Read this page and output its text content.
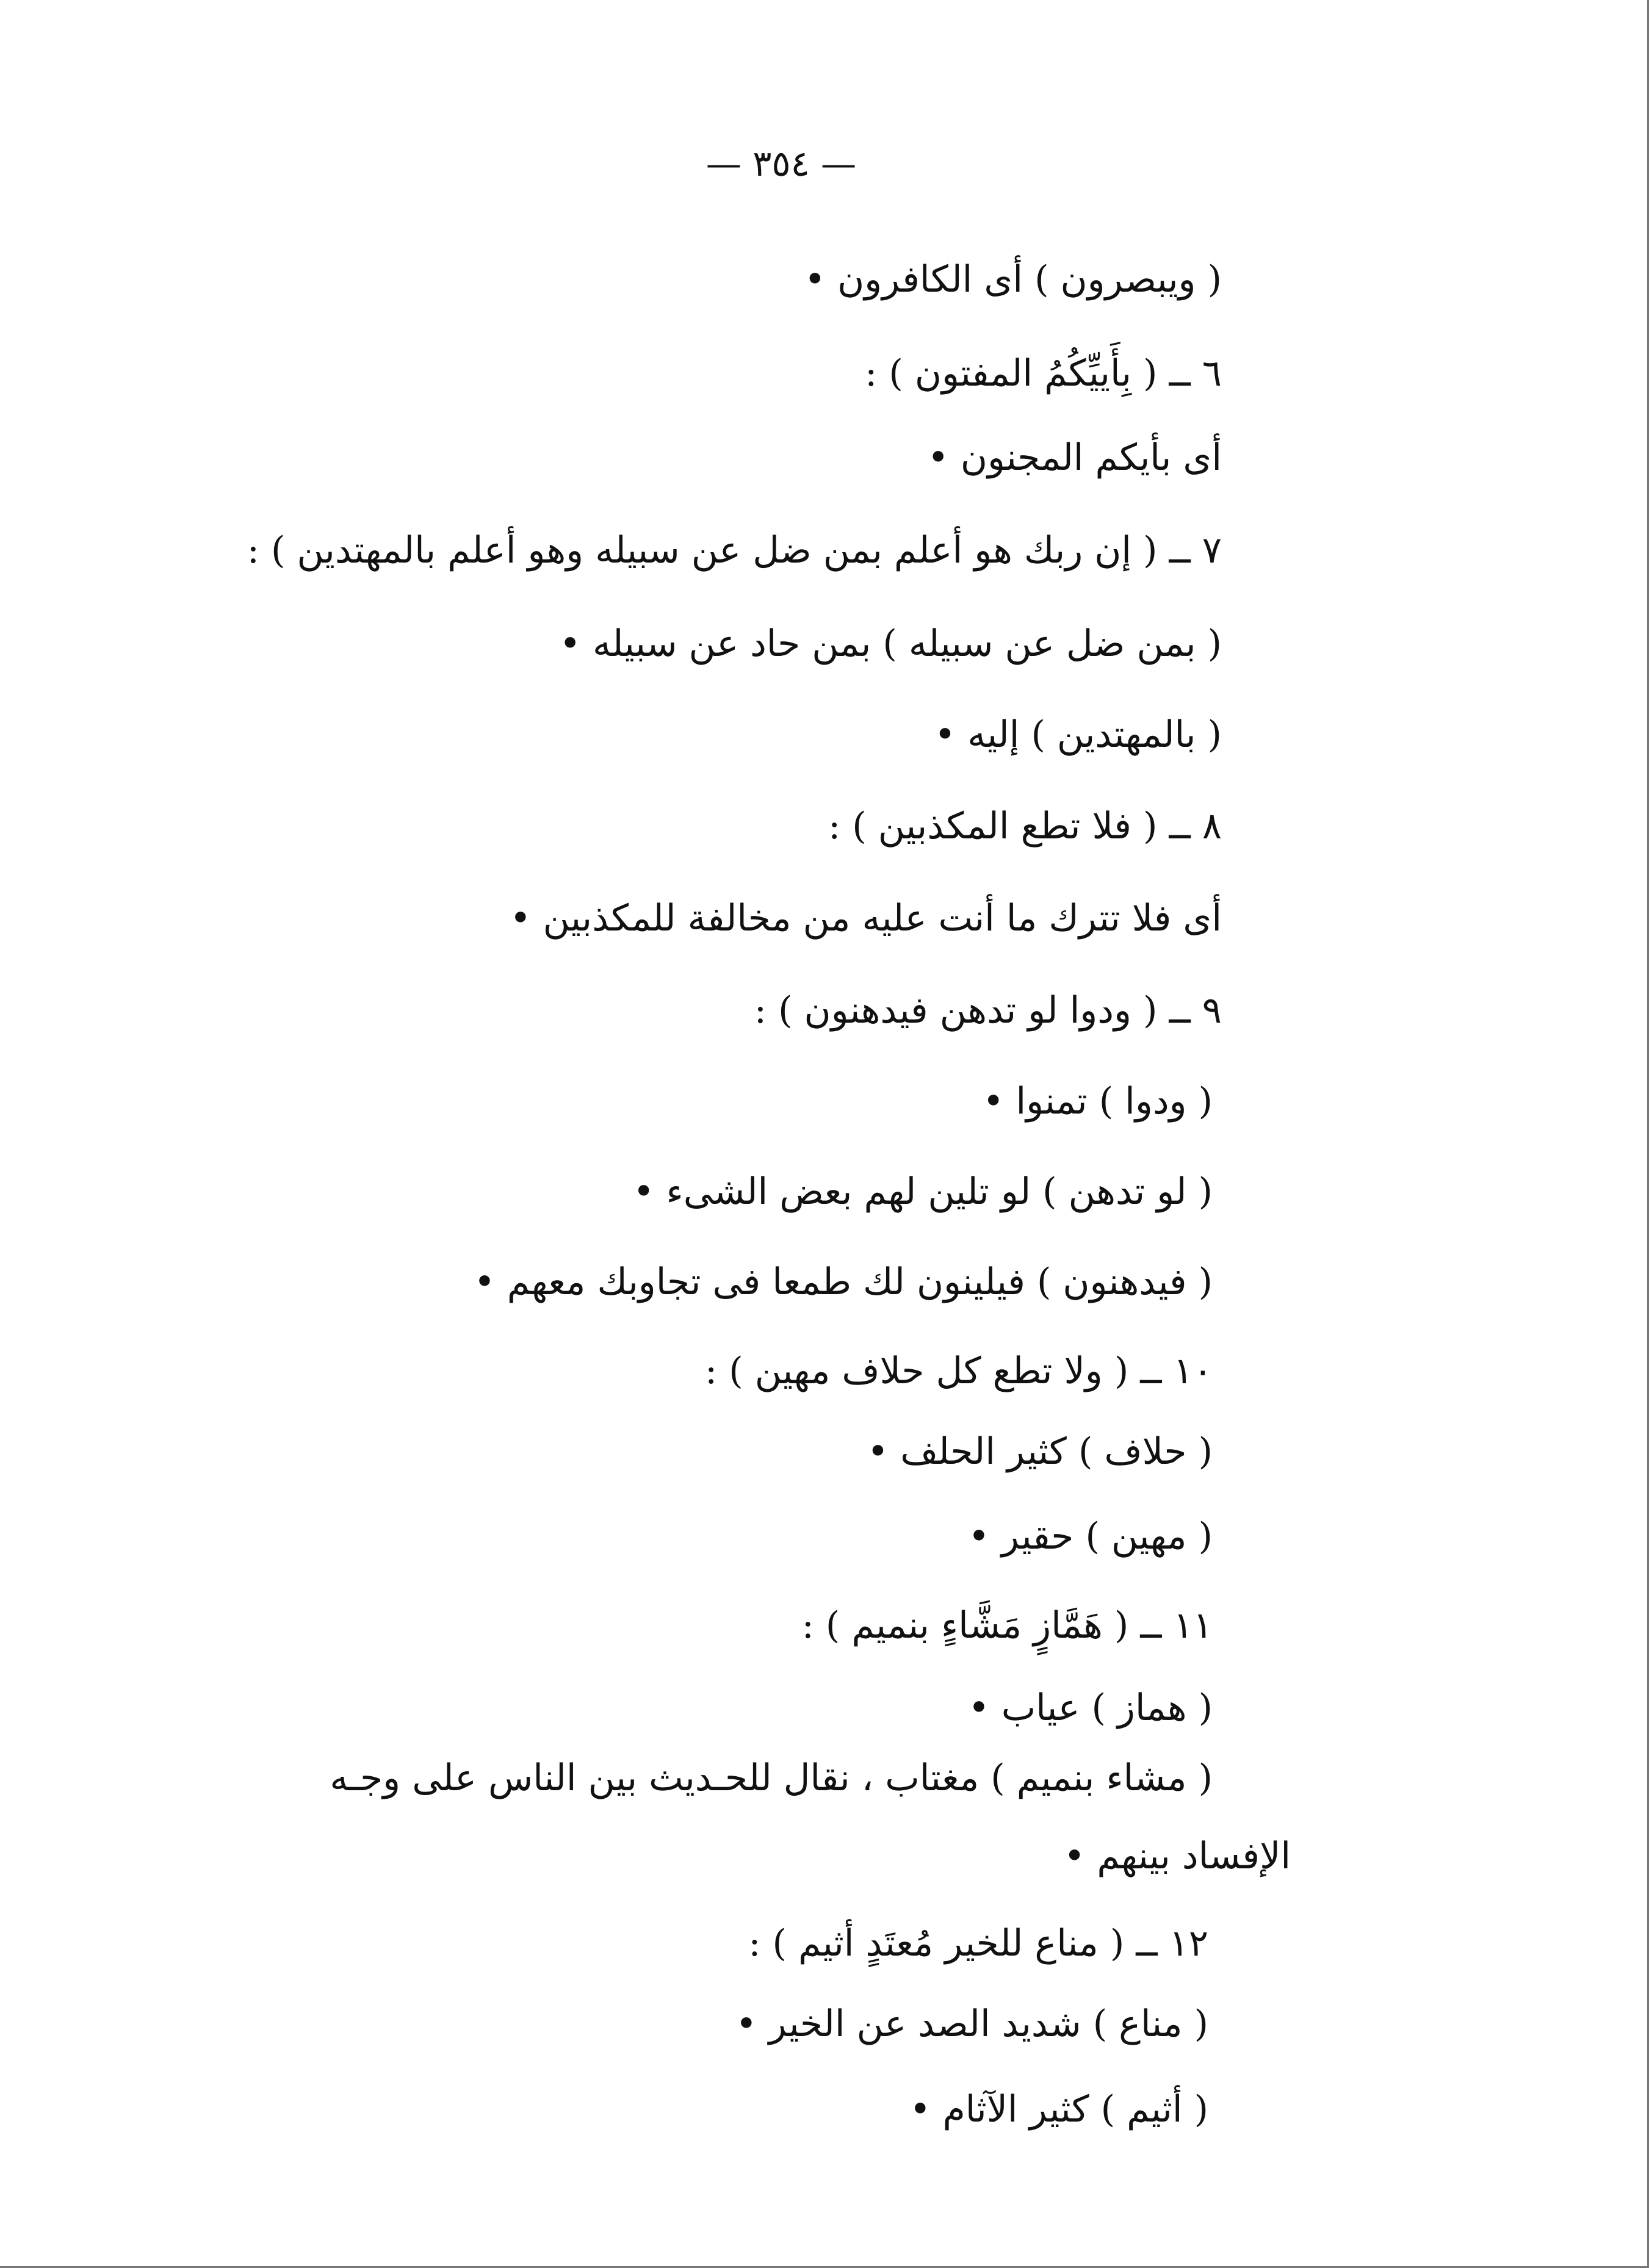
— ٣٥٤ —
( ويبصرون ) أى الكافرون •
٦ ــ ( بِأَييِّكُمُ المفتون ) :
أى بأيكم المجنون •
٧ ــ ( إن ربك هو أعلم بمن ضل عن سبيله وهو أعلم بالمهتدين ) :
( بمن ضل عن سبيله ) بمن حاد عن سبيله •
( بالمهتدين ) إليه •
٨ ــ ( فلا تطع المكذبين ) :
أى فلا تترك ما أنت عليه من مخالفة للمكذبين •
٩ ــ ( ودوا لو تدهن فيدهنون ) :
( ودوا ) تمنوا •
( لو تدهن ) لو تلين لهم بعض الشىء •
( فيدهنون ) فيلينون لك طمعا فى تجاوبك معهم •
١٠ ــ ( ولا تطع كل حلاف مهين ) :
( حلاف ) كثير الحلف •
( مهين ) حقير •
١١ ــ ( هَمَّازٍ مَشَّاءٍ بنميم ) :
( هماز ) عياب •
( مشاء بنميم ) مغتاب ، نقال للحـديث بين الناس على وجـه
الإفساد بينهم •
١٢ ــ ( مناع للخير مُعتَدٍ أثيم ) :
( مناع ) شديد الصد عن الخير •
( أثيم ) كثير الآثام •
